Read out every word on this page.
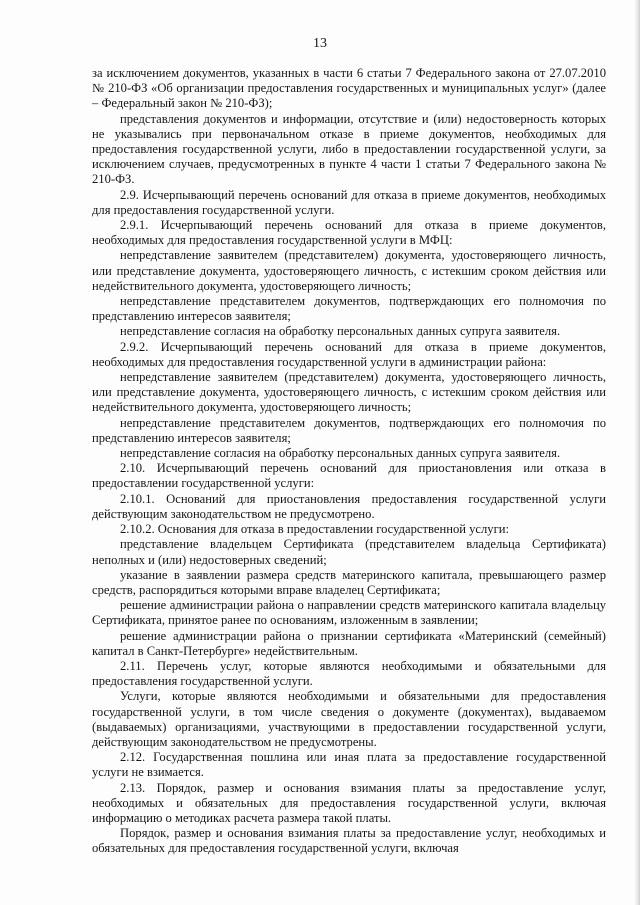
13

за исключением документов, указанных в части 6 статьи 7 Федерального закона от 27.07.2010 № 210-ФЗ «Об организации предоставления государственных и муниципальных услуг» (далее – Федеральный закон № 210-ФЗ);

представления документов и информации, отсутствие и (или) недостоверность которых не указывались при первоначальном отказе в приеме документов, необходимых для предоставления государственной услуги, либо в предоставлении государственной услуги, за исключением случаев, предусмотренных в пункте 4 части 1 статьи 7 Федерального закона № 210-ФЗ.

2.9. Исчерпывающий перечень оснований для отказа в приеме документов, необходимых для предоставления государственной услуги.

2.9.1. Исчерпывающий перечень оснований для отказа в приеме документов, необходимых для предоставления государственной услуги в МФЦ:

непредставление заявителем (представителем) документа, удостоверяющего личность, или представление документа, удостоверяющего личность, с истекшим сроком действия или недействительного документа, удостоверяющего личность;

непредставление представителем документов, подтверждающих его полномочия по представлению интересов заявителя;

непредставление согласия на обработку персональных данных супруга заявителя.

2.9.2. Исчерпывающий перечень оснований для отказа в приеме документов, необходимых для предоставления государственной услуги в администрации района:

непредставление заявителем (представителем) документа, удостоверяющего личность, или представление документа, удостоверяющего личность, с истекшим сроком действия или недействительного документа, удостоверяющего личность;

непредставление представителем документов, подтверждающих его полномочия по представлению интересов заявителя;

непредставление согласия на обработку персональных данных супруга заявителя.

2.10. Исчерпывающий перечень оснований для приостановления или отказа в предоставлении государственной услуги:

2.10.1. Оснований для приостановления предоставления государственной услуги действующим законодательством не предусмотрено.

2.10.2. Основания для отказа в предоставлении государственной услуги:

представление владельцем Сертификата (представителем владельца Сертификата) неполных и (или) недостоверных сведений;

указание в заявлении размера средств материнского капитала, превышающего размер средств, распорядиться которыми вправе владелец Сертификата;

решение администрации района о направлении средств материнского капитала владельцу Сертификата, принятое ранее по основаниям, изложенным в заявлении;

решение администрации района о признании сертификата «Материнский (семейный) капитал в Санкт-Петербурге» недействительным.

2.11. Перечень услуг, которые являются необходимыми и обязательными для предоставления государственной услуги.

Услуги, которые являются необходимыми и обязательными для предоставления государственной услуги, в том числе сведения о документе (документах), выдаваемом (выдаваемых) организациями, участвующими в предоставлении государственной услуги, действующим законодательством не предусмотрены.

2.12. Государственная пошлина или иная плата за предоставление государственной услуги не взимается.

2.13. Порядок, размер и основания взимания платы за предоставление услуг, необходимых и обязательных для предоставления государственной услуги, включая информацию о методиках расчета размера такой платы.

Порядок, размер и основания взимания платы за предоставление услуг, необходимых и обязательных для предоставления государственной услуги, включая
